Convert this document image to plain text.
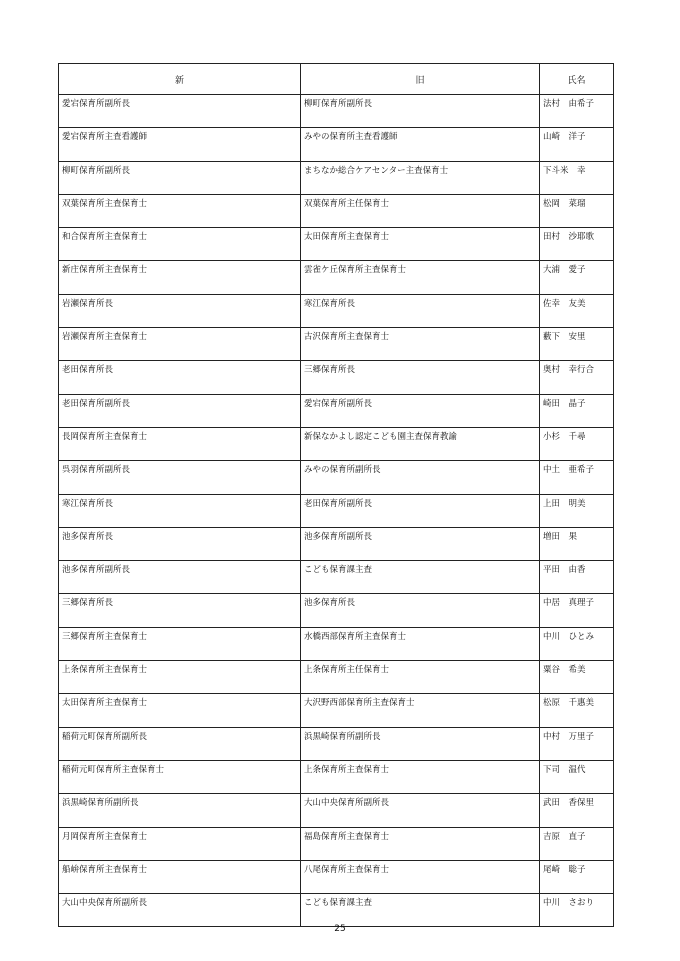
新	旧	氏名
愛宕保育所副所長	柳町保育所副所長	法村　由希子
愛宕保育所主査看護師	みやの保育所主査看護師	山崎　洋子
柳町保育所副所長	まちなか総合ケアセンター主査保育士	下斗米　幸
双葉保育所主査保育士	双葉保育所主任保育士	松岡　菜瑠
和合保育所主査保育士	太田保育所主査保育士	田村　沙耶歌
新庄保育所主査保育士	雲雀ケ丘保育所主査保育士	大浦　愛子
岩瀬保育所長	寒江保育所長	佐幸　友美
岩瀬保育所主査保育士	古沢保育所主査保育士	藪下　安里
老田保育所長	三郷保育所長	奥村　幸行合
老田保育所副所長	愛宕保育所副所長	崎田　晶子
長岡保育所主査保育士	新保なかよし認定こども園主査保育教諭	小杉　千尋
呉羽保育所副所長	みやの保育所副所長	中土　亜希子
寒江保育所長	老田保育所副所長	上田　明美
池多保育所長	池多保育所副所長	増田　果
池多保育所副所長	こども保育課主査	平田　由香
三郷保育所長	池多保育所長	中居　真理子
三郷保育所主査保育士	水橋西部保育所主査保育士	中川　ひとみ
上条保育所主査保育士	上条保育所主任保育士	粟谷　希美
太田保育所主査保育士	大沢野西部保育所主査保育士	松原　千惠美
稲荷元町保育所副所長	浜黒崎保育所副所長	中村　万里子
稲荷元町保育所主査保育士	上条保育所主査保育士	下司　温代
浜黒崎保育所副所長	大山中央保育所副所長	武田　香保里
月岡保育所主査保育士	福島保育所主査保育士	吉原　直子
船峅保育所主査保育士	八尾保育所主査保育士	尾崎　聡子
大山中央保育所副所長	こども保育課主査	中川　さおり
25
